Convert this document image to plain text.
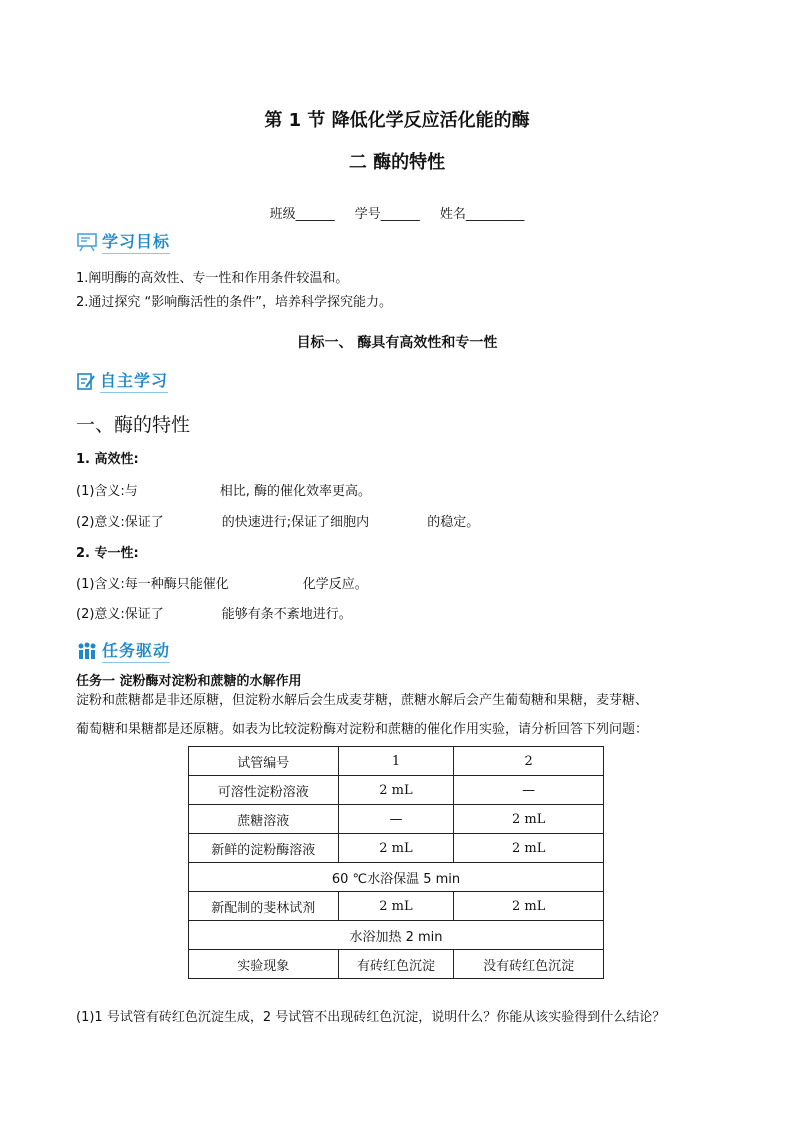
第 1 节 降低化学反应活化能的酶
二 酶的特性
班级______ 学号______ 姓名_________
学习目标
1.阐明酶的高效性、专一性和作用条件较温和。
2.通过探究 “影响酶活性的条件”，培养科学探究能力。
目标一、 酶具有高效性和专一性
自主学习
一、酶的特性
1. 高效性:
(1)含义:与	相比, 酶的催化效率更高。
(2)意义:保证了	的快速进行;保证了细胞内	的稳定。
2. 专一性:
(1)含义:每一种酶只能催化	化学反应。
(2)意义:保证了	能够有条不紊地进行。
任务驱动
任务一 淀粉酶对淀粉和蔗糖的水解作用
淀粉和蔗糖都是非还原糖，但淀粉水解后会生成麦芽糖，蔗糖水解后会产生葡萄糖和果糖，麦芽糖、
葡萄糖和果糖都是还原糖。如表为比较淀粉酶对淀粉和蔗糖的催化作用实验，请分析回答下列问题：
试管编号	1	2
可溶性淀粉溶液	2 mL	—
蔗糖溶液	—	2 mL
新鲜的淀粉酶溶液	2 mL	2 mL
60 ℃水浴保温 5 min		
新配制的斐林试剂	2 mL	2 mL
水浴加热 2 min		
实验现象	有砖红色沉淀	没有砖红色沉淀
(1)1 号试管有砖红色沉淀生成，2 号试管不出现砖红色沉淀，说明什么？你能从该实验得到什么结论？
